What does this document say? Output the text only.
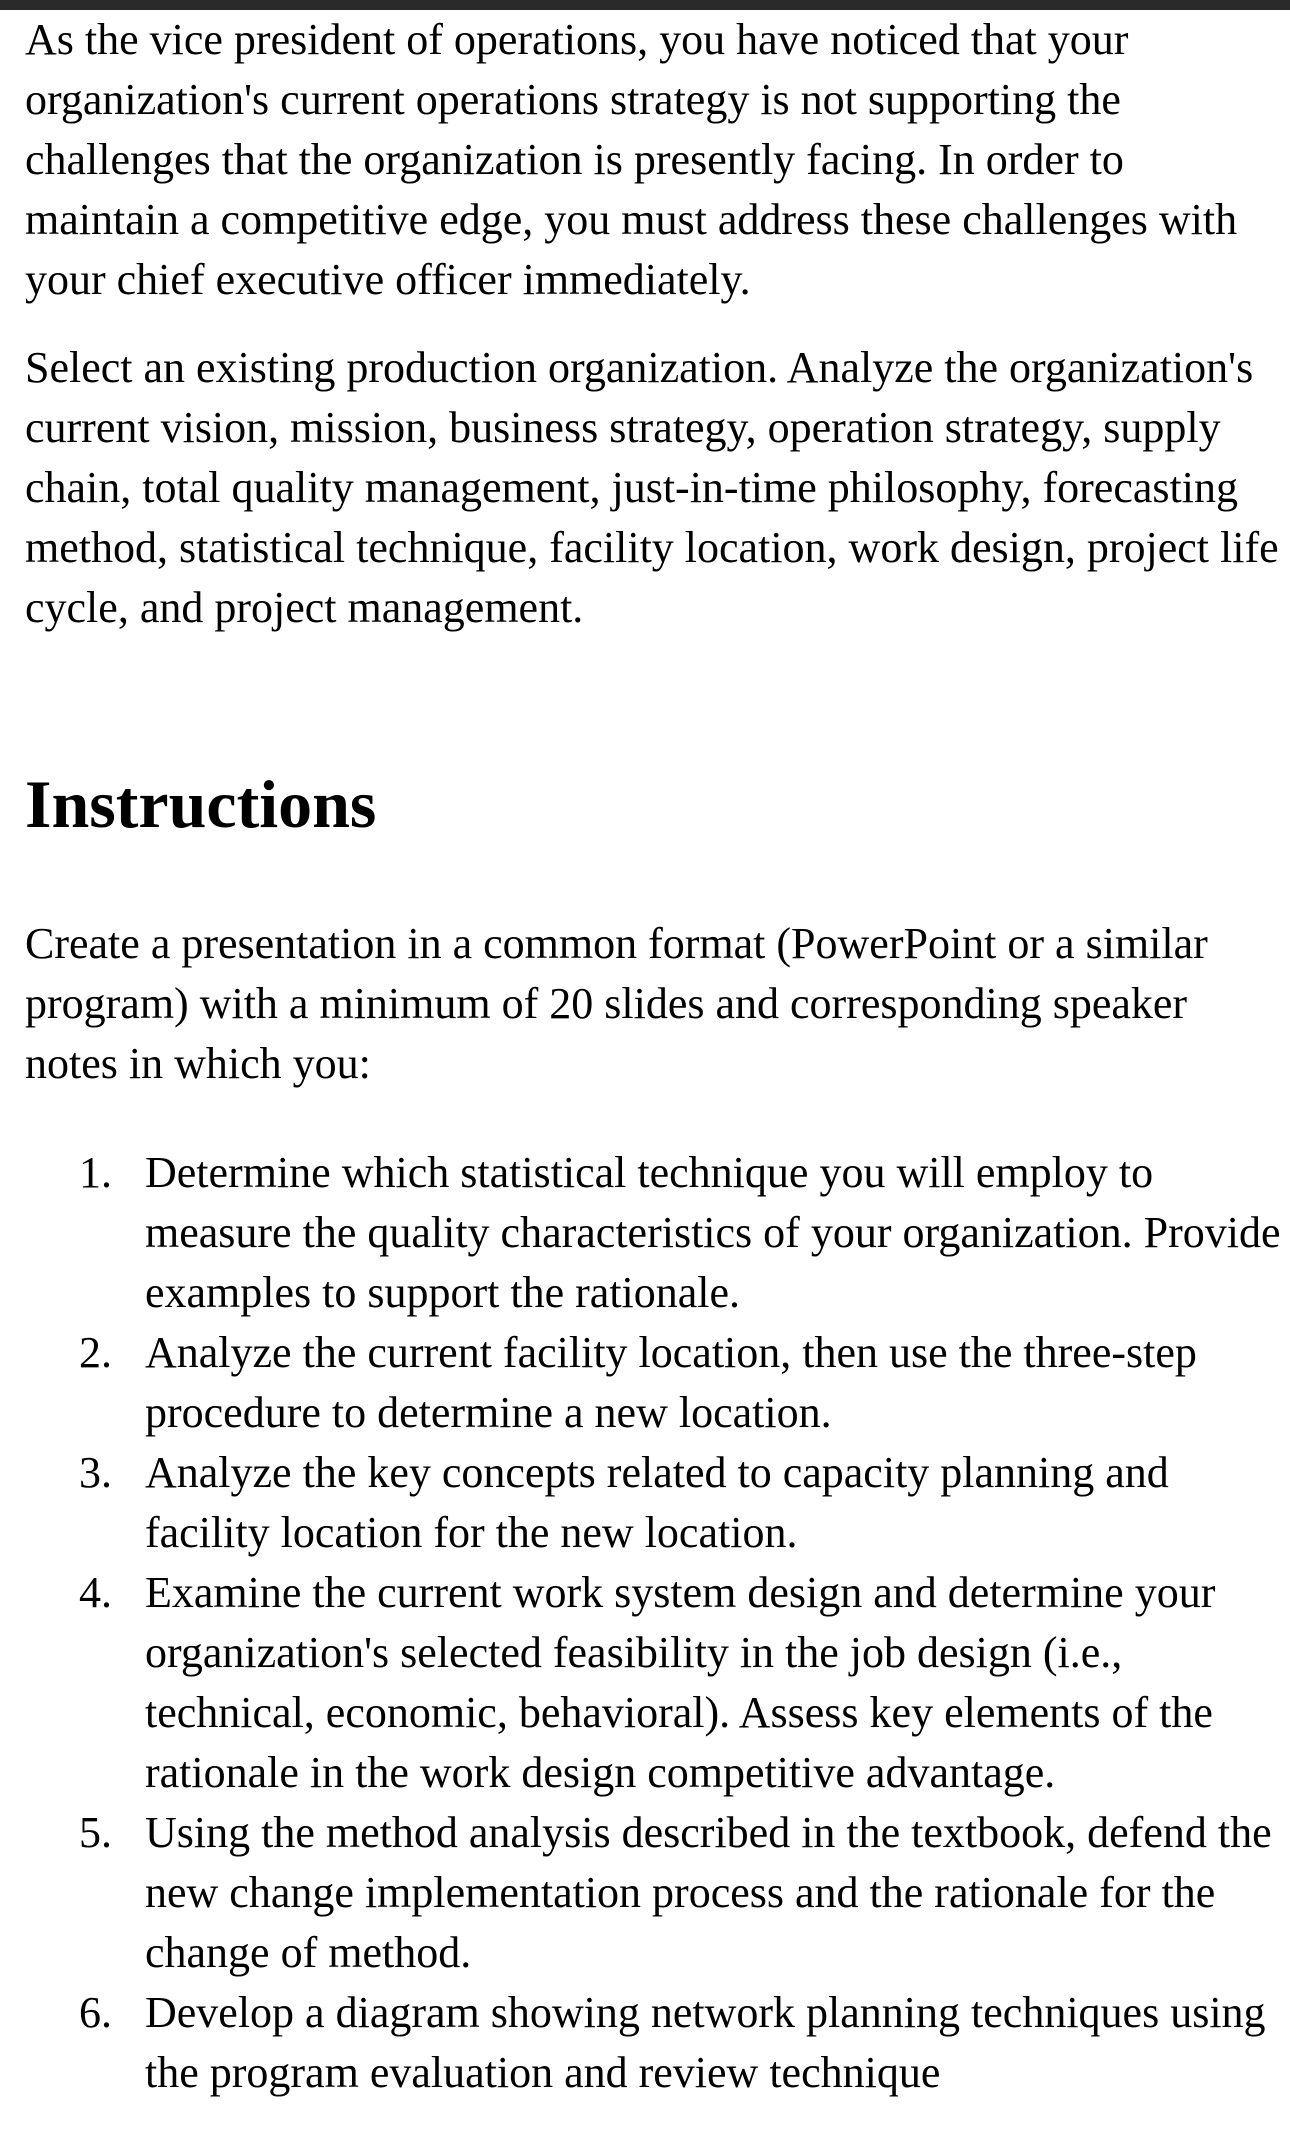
As the vice president of operations, you have noticed that your organization's current operations strategy is not supporting the challenges that the organization is presently facing. In order to maintain a competitive edge, you must address these challenges with your chief executive officer immediately.

Select an existing production organization. Analyze the organization's current vision, mission, business strategy, operation strategy, supply chain, total quality management, just-in-time philosophy, forecasting method, statistical technique, facility location, work design, project life cycle, and project management.

Instructions

Create a presentation in a common format (PowerPoint or a similar program) with a minimum of 20 slides and corresponding speaker notes in which you:

1. Determine which statistical technique you will employ to measure the quality characteristics of your organization. Provide examples to support the rationale.
2. Analyze the current facility location, then use the three-step procedure to determine a new location.
3. Analyze the key concepts related to capacity planning and facility location for the new location.
4. Examine the current work system design and determine your organization's selected feasibility in the job design (i.e., technical, economic, behavioral). Assess key elements of the rationale in the work design competitive advantage.
5. Using the method analysis described in the textbook, defend the new change implementation process and the rationale for the change of method.
6. Develop a diagram showing network planning techniques using the program evaluation and review technique
